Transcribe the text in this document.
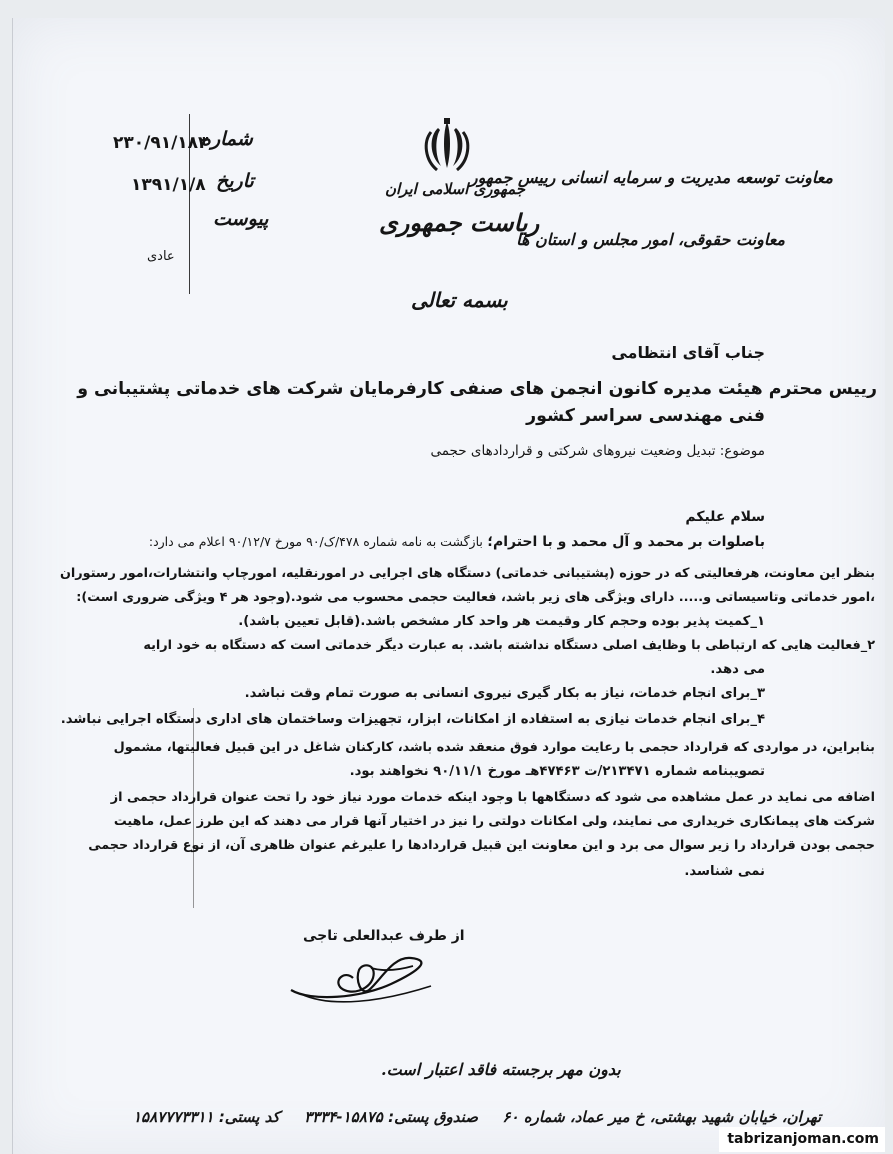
شماره
۲۳۰/۹۱/۱۸۳
تاریخ
۱۳۹۱/۱/۸
پیوست
عادی
جمهوری اسلامی ایران
ریاست جمهوری
معاونت توسعه مدیریت و سرمایه انسانی رییس جمهور
معاونت حقوقی، امور مجلس و استان ها
بسمه تعالی
جناب آقای انتظامی
رییس محترم هیئت مدیره کانون انجمن های صنفی کارفرمایان شرکت های خدماتی پشتیبانی و
فنی مهندسی سراسر کشور
موضوع: تبدیل وضعیت نیروهای شرکتی و قراردادهای حجمی
سلام علیکم
باصلوات بر محمد و آل محمد و با احترام؛ بازگشت به نامه شماره ۴۷۸/ک/۹۰ مورخ ۹۰/۱۲/۷ اعلام می دارد:
بنظر این معاونت، هرفعالیتی که در حوزه (پشتیبانی خدماتی) دستگاه های اجرایی در امورنقلیه، امورچاپ وانتشارات،امور رستوران
،امور خدماتی وتاسیساتی و..... دارای ویژگی های زیر باشد، فعالیت حجمی محسوب می شود.(وجود هر ۴ ویژگی ضروری است):
۱_کمیت پذیر بوده وحجم کار وقیمت هر واحد کار مشخص باشد.(قابل تعیین باشد).
۲_فعالیت هایی که ارتباطی با وظایف اصلی دستگاه نداشته باشد. به عبارت دیگر خدماتی است که دستگاه به خود ارایه
می دهد.
۳_برای انجام خدمات، نیاز به بکار گیری نیروی انسانی به صورت تمام وقت نباشد.
۴_برای انجام خدمات نیازی به استفاده از امکانات، ابزار، تجهیزات وساختمان های اداری دستگاه اجرایی نباشد.
بنابراین، در مواردی که قرارداد حجمی با رعایت موارد فوق منعقد شده باشد، کارکنان شاغل در این قبیل فعالیتها، مشمول
تصویبنامه شماره ۲۱۳۴۷۱/ت ۴۷۴۶۳هـ مورخ ۹۰/۱۱/۱ نخواهند بود.
اضافه می نماید در عمل مشاهده می شود که دستگاهها با وجود اینکه خدمات مورد نیاز خود را تحت عنوان قرارداد حجمی از
شرکت های پیمانکاری خریداری می نمایند، ولی امکانات دولتی را نیز در اختیار آنها قرار می دهند که این طرز عمل، ماهیت
حجمی بودن قرارداد را زیر سوال می برد و این معاونت این قبیل قراردادها را علیرغم عنوان ظاهری آن، از نوع قرارداد حجمی
نمی شناسد.
از طرف عبدالعلی تاجی
بدون مهر برجسته فاقد اعتبار است.
تهران، خیابان شهید بهشتی، خ میر عماد، شماره ۶۰  صندوق پستی: ۱۵۸۷۵-۳۳۳۴  کد پستی: ۱۵۸۷۷۷۳۳۱۱
tabrizanjoman.com
